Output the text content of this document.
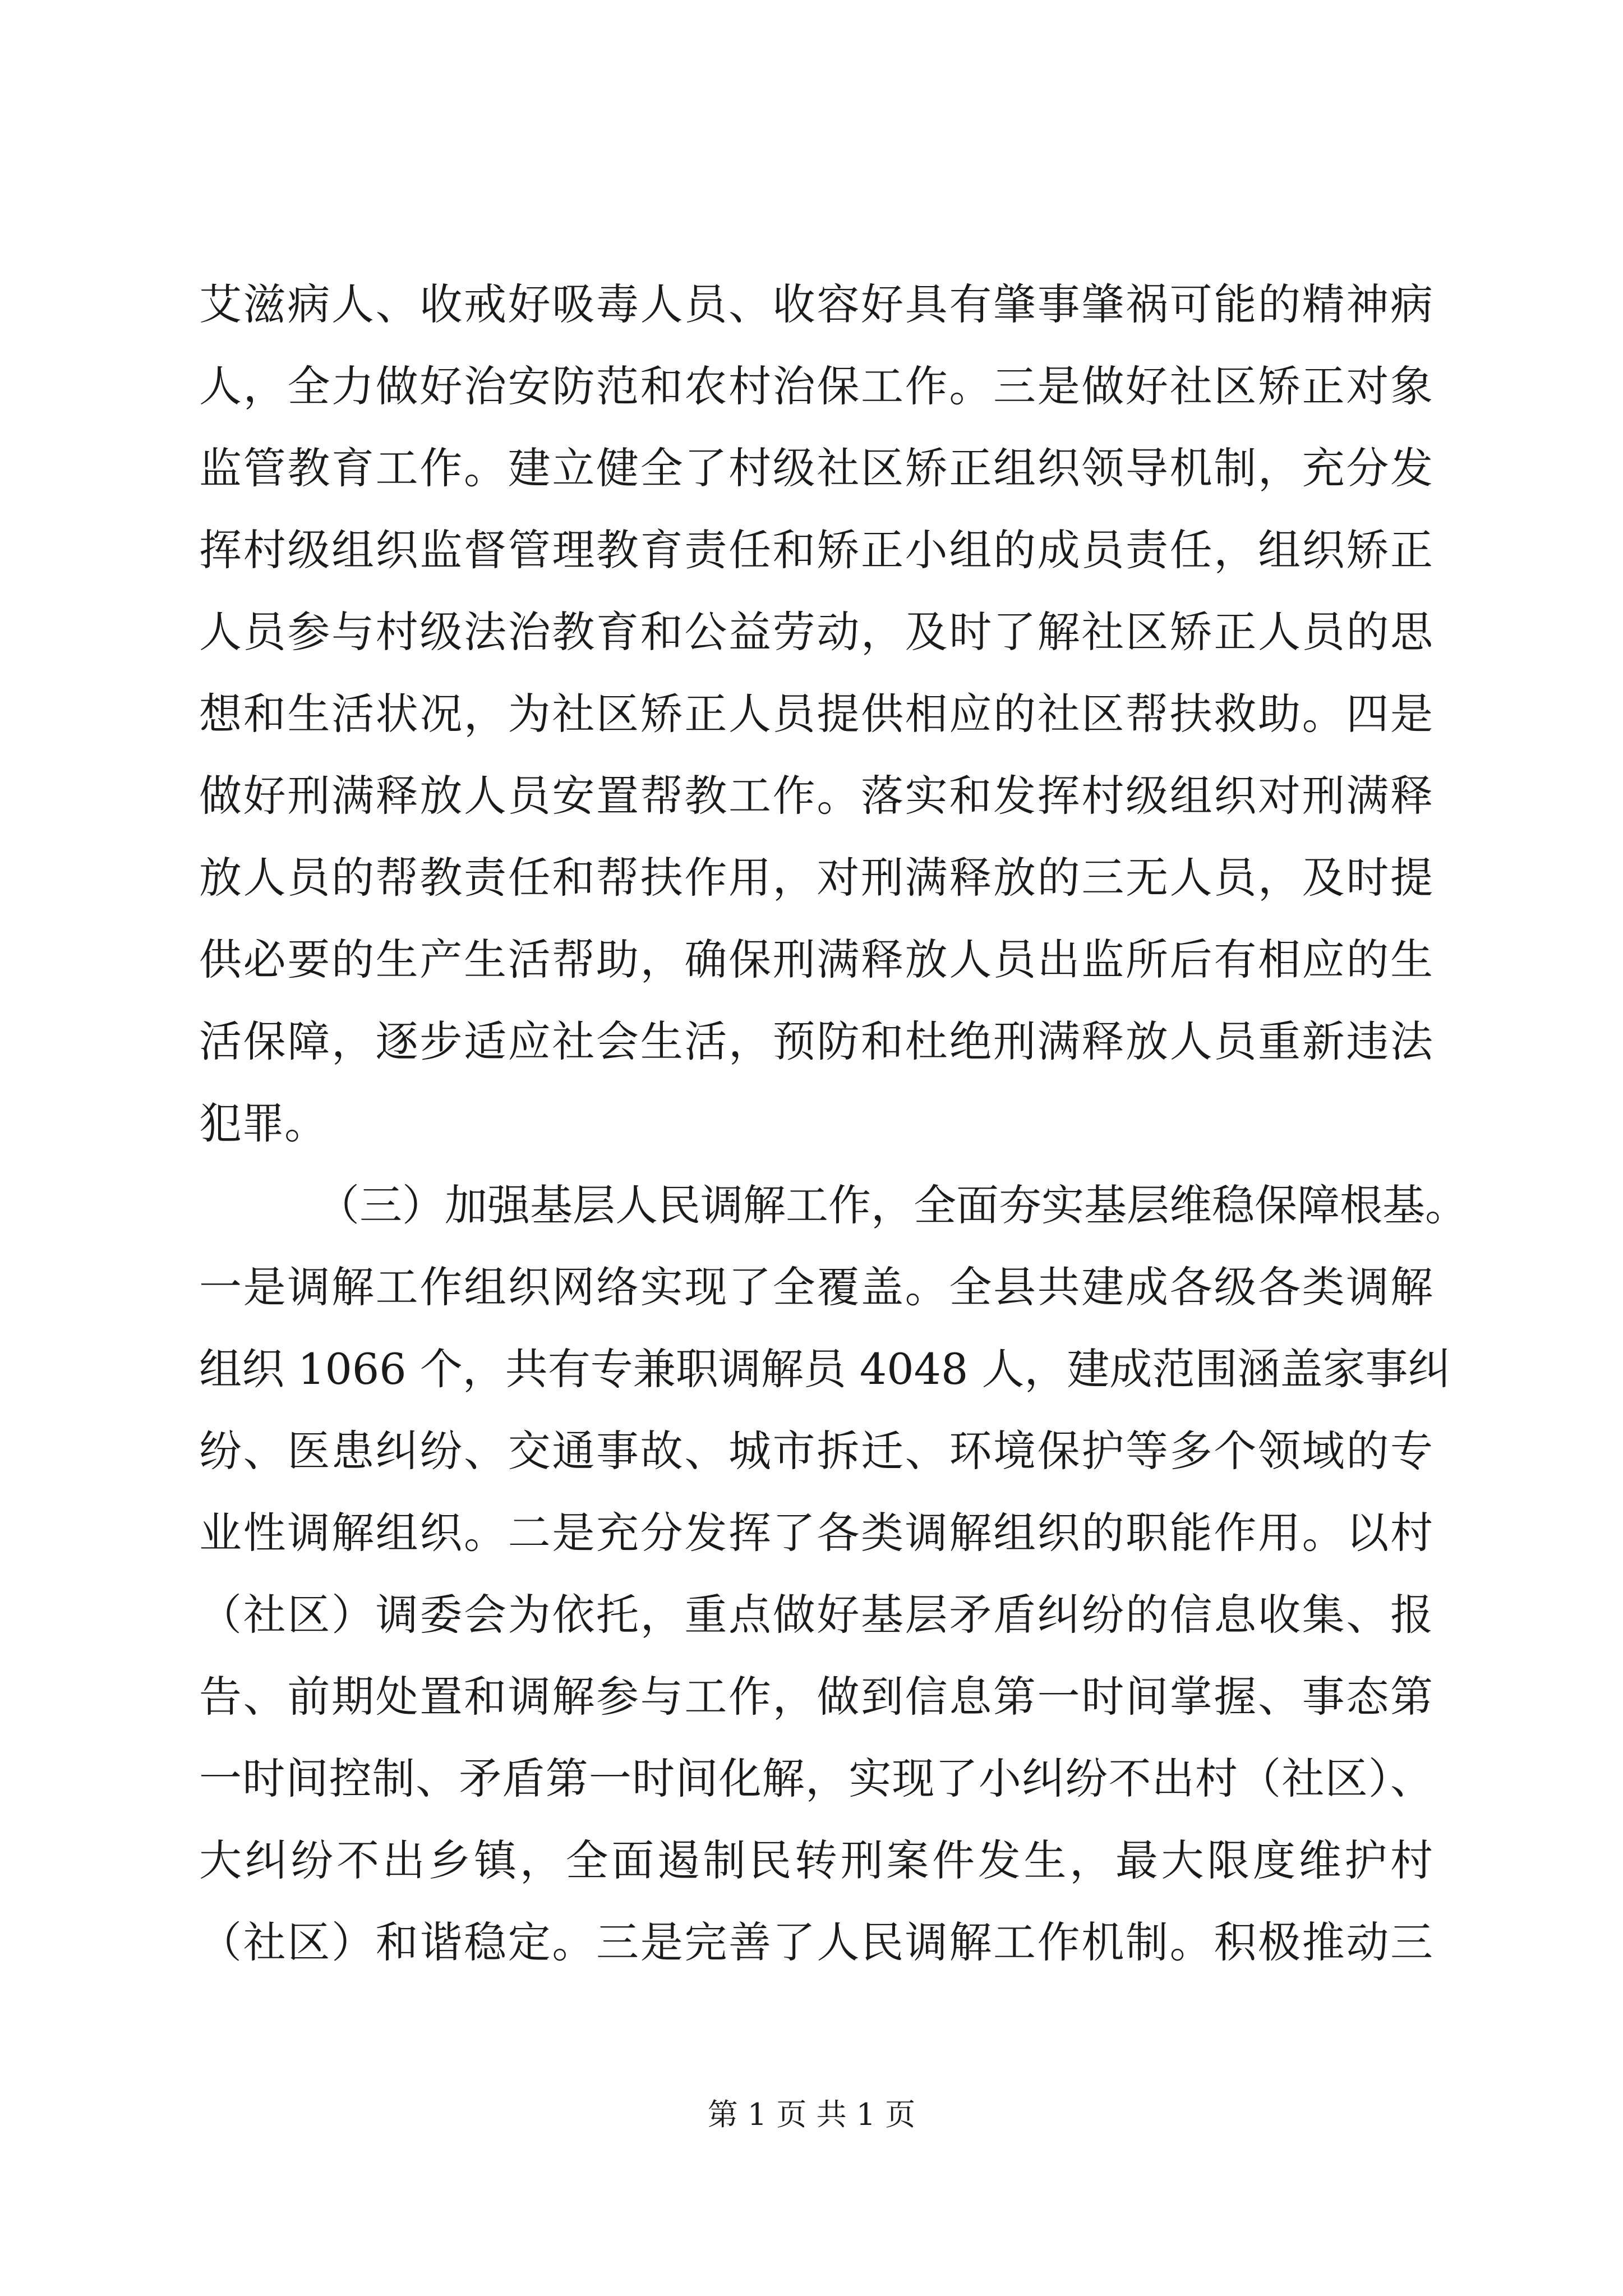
艾滋病人、收戒好吸毒人员、收容好具有肇事肇祸可能的精神病
人，全力做好治安防范和农村治保工作。三是做好社区矫正对象
监管教育工作。建立健全了村级社区矫正组织领导机制，充分发
挥村级组织监督管理教育责任和矫正小组的成员责任，组织矫正
人员参与村级法治教育和公益劳动，及时了解社区矫正人员的思
想和生活状况，为社区矫正人员提供相应的社区帮扶救助。四是
做好刑满释放人员安置帮教工作。落实和发挥村级组织对刑满释
放人员的帮教责任和帮扶作用，对刑满释放的三无人员，及时提
供必要的生产生活帮助，确保刑满释放人员出监所后有相应的生
活保障，逐步适应社会生活，预防和杜绝刑满释放人员重新违法
犯罪。
（三）加强基层人民调解工作，全面夯实基层维稳保障根基。
一是调解工作组织网络实现了全覆盖。全县共建成各级各类调解
组织 1066 个，共有专兼职调解员 4048 人，建成范围涵盖家事纠
纷、医患纠纷、交通事故、城市拆迁、环境保护等多个领域的专
业性调解组织。二是充分发挥了各类调解组织的职能作用。以村
（社区）调委会为依托，重点做好基层矛盾纠纷的信息收集、报
告、前期处置和调解参与工作，做到信息第一时间掌握、事态第
一时间控制、矛盾第一时间化解，实现了小纠纷不出村（社区）、
大纠纷不出乡镇，全面遏制民转刑案件发生，最大限度维护村
（社区）和谐稳定。三是完善了人民调解工作机制。积极推动三
第 1 页 共 1 页
